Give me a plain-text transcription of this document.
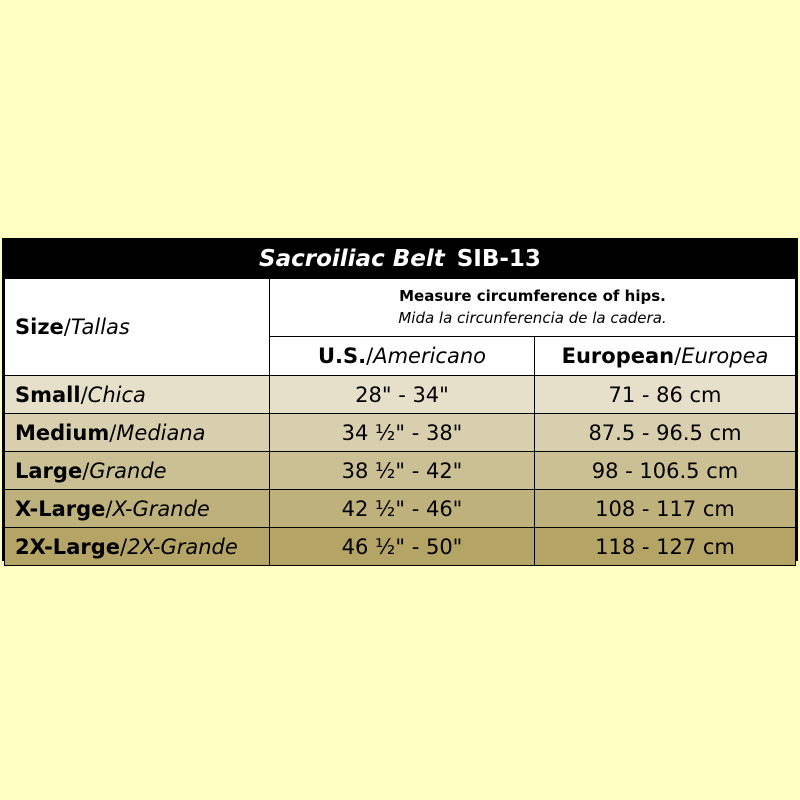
Sacroiliac Belt SIB-13
Size/Tallas	Measure circumference of hips.
Mida la circunferencia de la cadera.	

	U.S./Americano	European/Europea
Small/Chica	28" - 34"	71 - 86 cm
Medium/Mediana	34 ½" - 38"	87.5 - 96.5 cm
Large/Grande	38 ½" - 42"	98 - 106.5 cm
X-Large/X-Grande	42 ½" - 46"	108 - 117 cm
2X-Large/2X-Grande	46 ½" - 50"	118 - 127 cm
